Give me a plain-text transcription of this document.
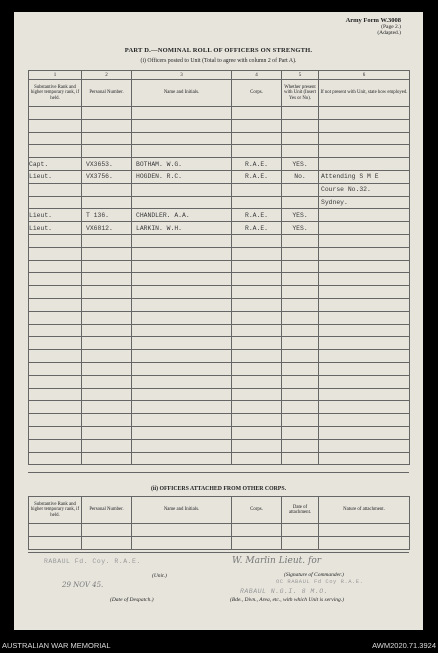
Army Form W.3008
(Page 2.)
(Adapted.)
PART D.—NOMINAL ROLL OF OFFICERS ON STRENGTH.
(i) Officers posted to Unit (Total to agree with column 2 of Part A).
1	2	3	4	5	6
Substantive Rank and higher temporary rank, if held.	Personal Number.	Name and Initials.	Corps.	Whether present with Unit (Insert Yes or No).	If not present with Unit, state how employed.

Capt.	VX3653.	BOTHAM. W.G.	R.A.E.	YES.	
Lieut.	VX3756.	HOGDEN. R.C.	R.A.E.	No.	Attending S M E
					Course No.32.
					Sydney.
Lieut.	T 136.	CHANDLER. A.A.	R.A.E.	YES.	
Lieut.	VX6812.	LARKIN. W.H.	R.A.E.	YES.	

(ii) OFFICERS ATTACHED FROM OTHER CORPS.
Substantive Rank and higher temporary rank, if held.	Personal Number.	Name and Initials.	Corps.	Date of attachment.	Nature of attachment.

RABAUL Fd. Coy. R.A.E.
(Unit.)
29 NOV 45.
(Date of Despatch.)
W. Marlin Lieut. for
(Signature of Commander.)
OC RABAUL Fd Coy R.A.E.
RABAUL N.G.I. 8 M.O.
(Bde., Divn., Area, etc., with which Unit is serving.)
AUSTRALIAN WAR MEMORIAL	AWM2020.71.3924
